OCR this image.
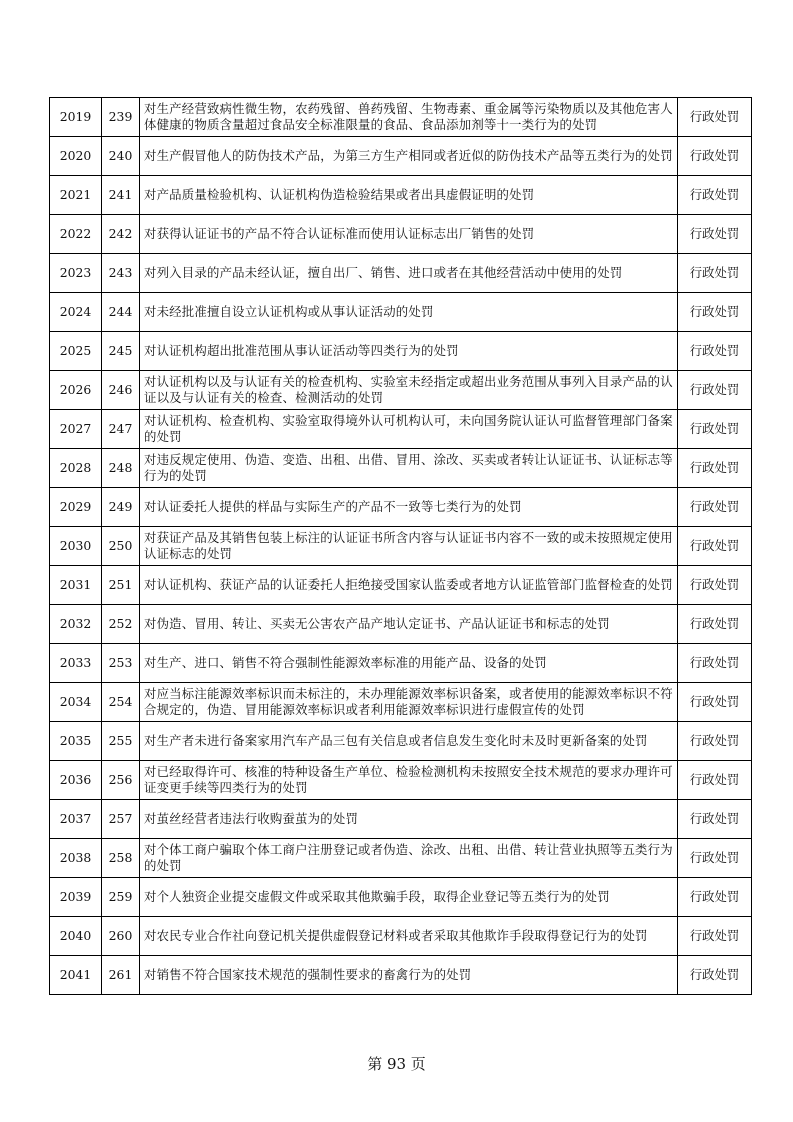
2019	239	对生产经营致病性微生物，农药残留、兽药残留、生物毒素、重金属等污染物质以及其他危害人体健康的物质含量超过食品安全标准限量的食品、食品添加剂等十一类行为的处罚	行政处罚
2020	240	对生产假冒他人的防伪技术产品，为第三方生产相同或者近似的防伪技术产品等五类行为的处罚	行政处罚
2021	241	对产品质量检验机构、认证机构伪造检验结果或者出具虚假证明的处罚	行政处罚
2022	242	对获得认证证书的产品不符合认证标准而使用认证标志出厂销售的处罚	行政处罚
2023	243	对列入目录的产品未经认证，擅自出厂、销售、进口或者在其他经营活动中使用的处罚	行政处罚
2024	244	对未经批准擅自设立认证机构或从事认证活动的处罚	行政处罚
2025	245	对认证机构超出批准范围从事认证活动等四类行为的处罚	行政处罚
2026	246	对认证机构以及与认证有关的检查机构、实验室未经指定或超出业务范围从事列入目录产品的认证以及与认证有关的检查、检测活动的处罚	行政处罚
2027	247	对认证机构、检查机构、实验室取得境外认可机构认可，未向国务院认证认可监督管理部门备案的处罚	行政处罚
2028	248	对违反规定使用、伪造、变造、出租、出借、冒用、涂改、买卖或者转让认证证书、认证标志等行为的处罚	行政处罚
2029	249	对认证委托人提供的样品与实际生产的产品不一致等七类行为的处罚	行政处罚
2030	250	对获证产品及其销售包装上标注的认证证书所含内容与认证证书内容不一致的或未按照规定使用认证标志的处罚	行政处罚
2031	251	对认证机构、获证产品的认证委托人拒绝接受国家认监委或者地方认证监管部门监督检查的处罚	行政处罚
2032	252	对伪造、冒用、转让、买卖无公害农产品产地认定证书、产品认证证书和标志的处罚	行政处罚
2033	253	对生产、进口、销售不符合强制性能源效率标准的用能产品、设备的处罚	行政处罚
2034	254	对应当标注能源效率标识而未标注的，未办理能源效率标识备案，或者使用的能源效率标识不符合规定的，伪造、冒用能源效率标识或者利用能源效率标识进行虚假宣传的处罚	行政处罚
2035	255	对生产者未进行备案家用汽车产品三包有关信息或者信息发生变化时未及时更新备案的处罚	行政处罚
2036	256	对已经取得许可、核准的特种设备生产单位、检验检测机构未按照安全技术规范的要求办理许可证变更手续等四类行为的处罚	行政处罚
2037	257	对茧丝经营者违法行收购蚕茧为的处罚	行政处罚
2038	258	对个体工商户骗取个体工商户注册登记或者伪造、涂改、出租、出借、转让营业执照等五类行为的处罚	行政处罚
2039	259	对个人独资企业提交虚假文件或采取其他欺骗手段，取得企业登记等五类行为的处罚	行政处罚
2040	260	对农民专业合作社向登记机关提供虚假登记材料或者采取其他欺诈手段取得登记行为的处罚	行政处罚
2041	261	对销售不符合国家技术规范的强制性要求的畜禽行为的处罚	行政处罚
第 93 页
